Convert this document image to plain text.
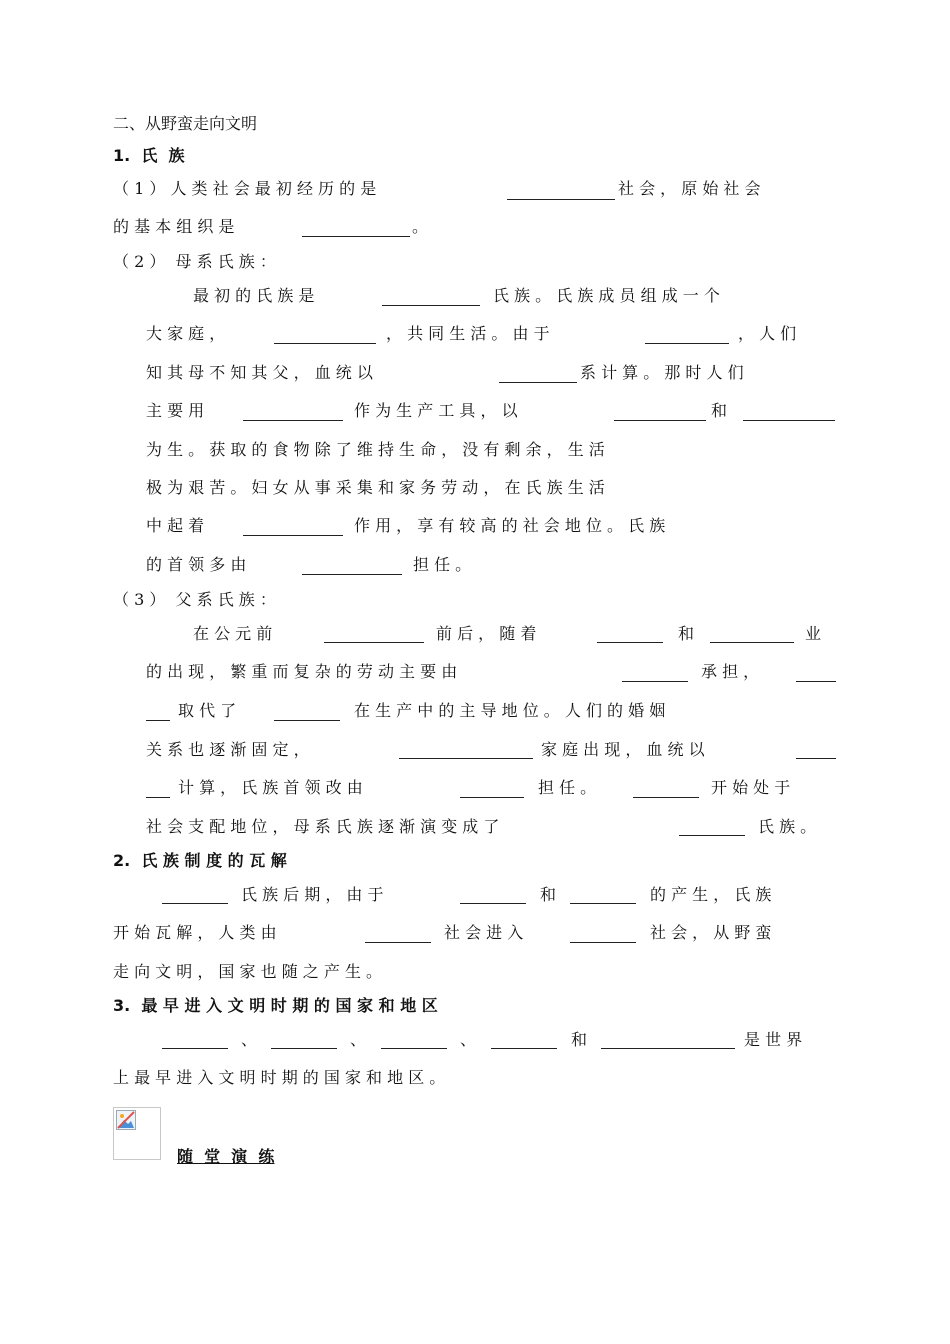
二、从野蛮走向文明
1.  氏  族
（ 1 ） 人 类 社 会 最 初 经 历 的 是	社 会 ， 原 始 社 会
的 基 本 组 织 是	。
（ 2 ）  母 系 氏 族 ：
最 初 的 氏 族 是	氏 族 。 氏 族 成 员 组 成 一 个
大 家 庭 ，	， 共 同 生 活 。 由 于	， 人 们
知 其 母 不 知 其 父 ， 血 统 以	系 计 算 。 那 时 人 们
主 要 用	作 为 生 产 工 具 ， 以	和
为 生 。 获 取 的 食 物 除 了 维 持 生 命 ， 没 有 剩 余 ， 生 活
极 为 艰 苦 。 妇 女 从 事 采 集 和 家 务 劳 动 ， 在 氏 族 生 活
中 起 着	作 用 ， 享 有 较 高 的 社 会 地 位 。 氏 族
的 首 领 多 由	担 任 。
（ 3 ）  父 系 氏 族 ：
在 公 元 前	前 后 ， 随 着	和	业
的 出 现 ， 繁 重 而 复 杂 的 劳 动 主 要 由	承 担 ，
取 代 了	在 生 产 中 的 主 导 地 位 。 人 们 的 婚 姻
关 系 也 逐 渐 固 定 ，	家 庭 出 现 ， 血 统 以
计 算 ， 氏 族 首 领 改 由	担 任 。	开 始 处 于
社 会 支 配 地 位 ， 母 系 氏 族 逐 渐 演 变 成 了	氏 族 。
2.  氏 族 制 度 的 瓦 解
氏 族 后 期 ， 由 于	和	的 产 生 ， 氏 族
开 始 瓦 解 ， 人 类 由	社 会 进 入	社 会 ， 从 野 蛮
走 向 文 明 ， 国 家 也 随 之 产 生 。
3.  最 早 进 入 文 明 时 期 的 国 家 和 地 区
、	、	、	和	是 世 界
上 最 早 进 入 文 明 时 期 的 国 家 和 地 区 。
随  堂  演  练
